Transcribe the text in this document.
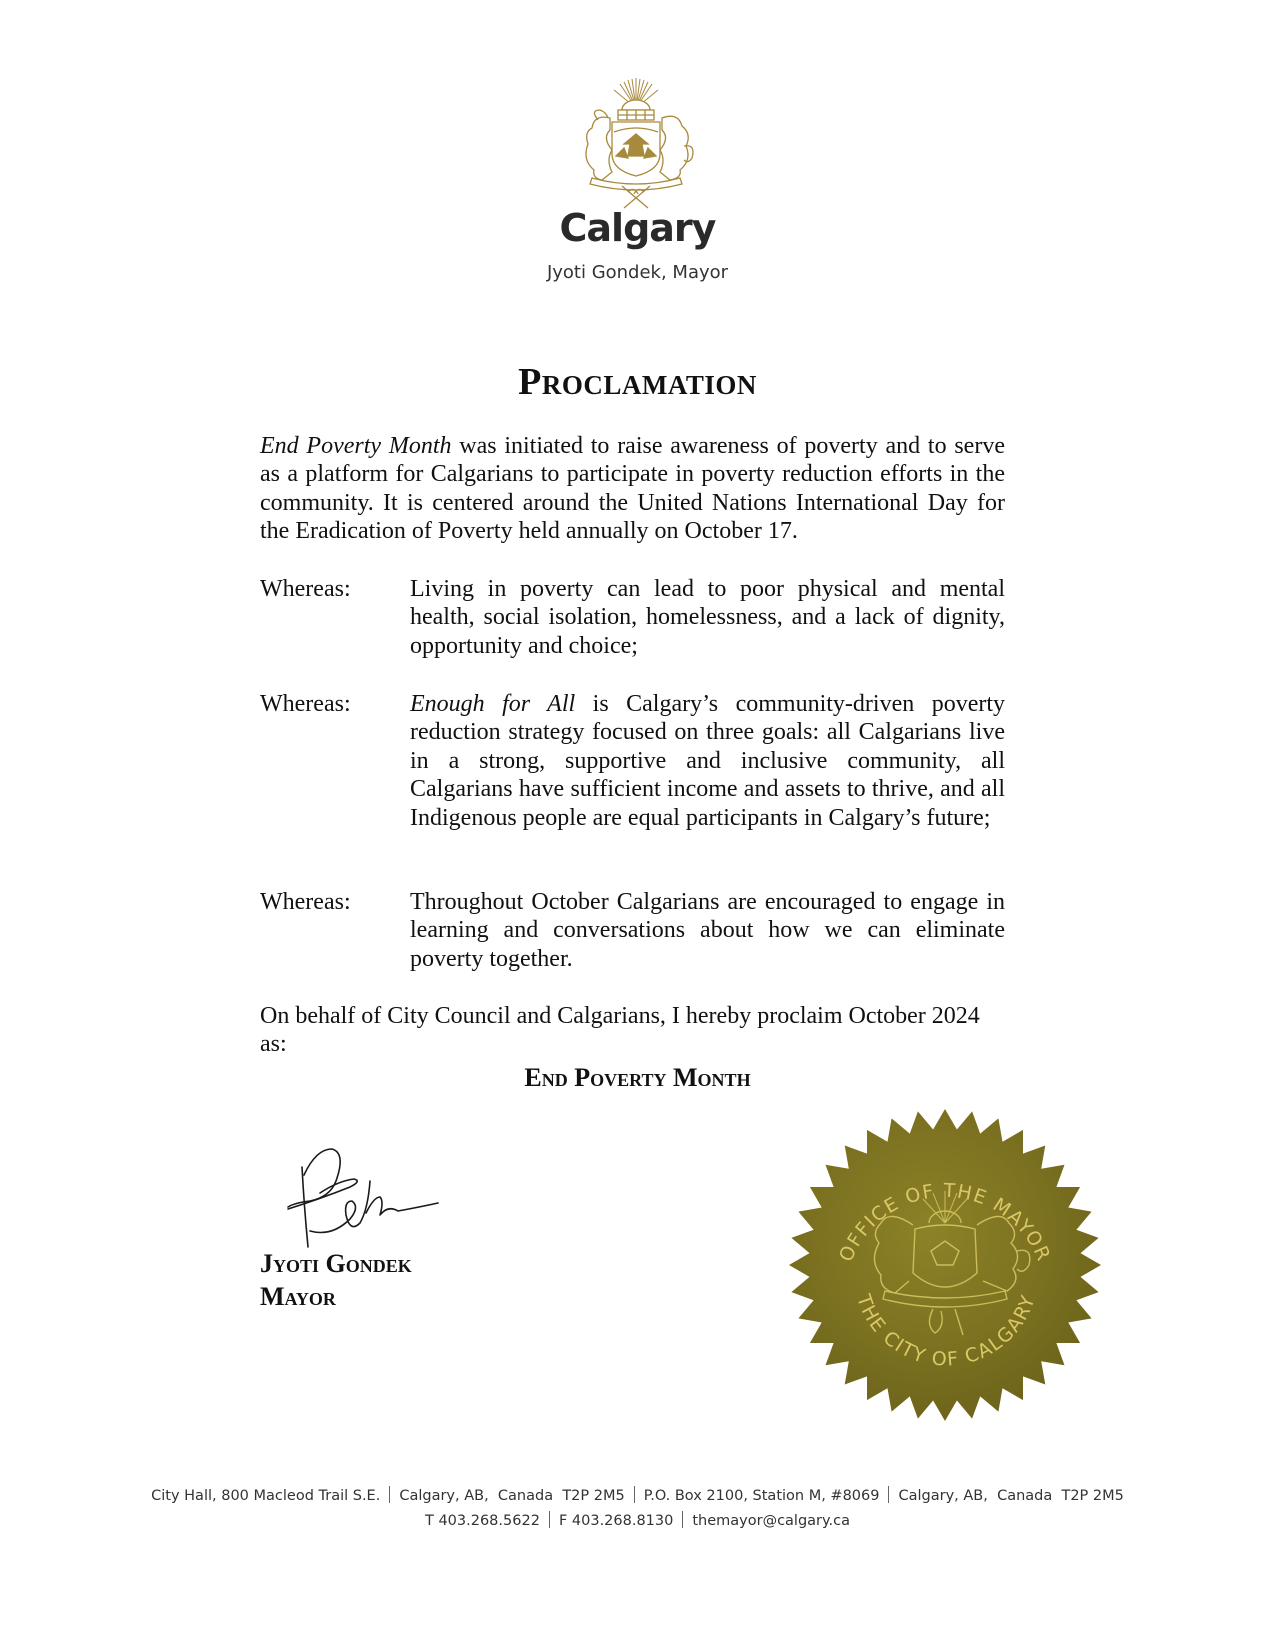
Calgary
Jyoti Gondek, Mayor
Proclamation
End Poverty Month was initiated to raise awareness of poverty and to serve as a platform for Calgarians to participate in poverty reduction efforts in the community. It is centered around the United Nations International Day for the Eradication of Poverty held annually on October 17.
Whereas:	Living in poverty can lead to poor physical and mental health, social isolation, homelessness, and a lack of dignity, opportunity and choice;
Whereas:	Enough for All is Calgary’s community-driven poverty reduction strategy focused on three goals: all Calgarians live in a strong, supportive and inclusive community, all Calgarians have sufficient income and assets to thrive, and all Indigenous people are equal participants in Calgary’s future;
Whereas:	Throughout October Calgarians are encouraged to engage in learning and conversations about how we can eliminate poverty together.
On behalf of City Council and Calgarians, I hereby proclaim October 2024 as:
End Poverty Month
Jyoti Gondek
Mayor
OFFICE OF THE MAYOR
THE CITY OF CALGARY
City Hall, 800 Macleod Trail S.E. Calgary, AB,  Canada  T2P 2M5 P.O. Box 2100, Station M, #8069 Calgary, AB,  Canada  T2P 2M5
T 403.268.5622 F 403.268.8130 themayor@calgary.ca
